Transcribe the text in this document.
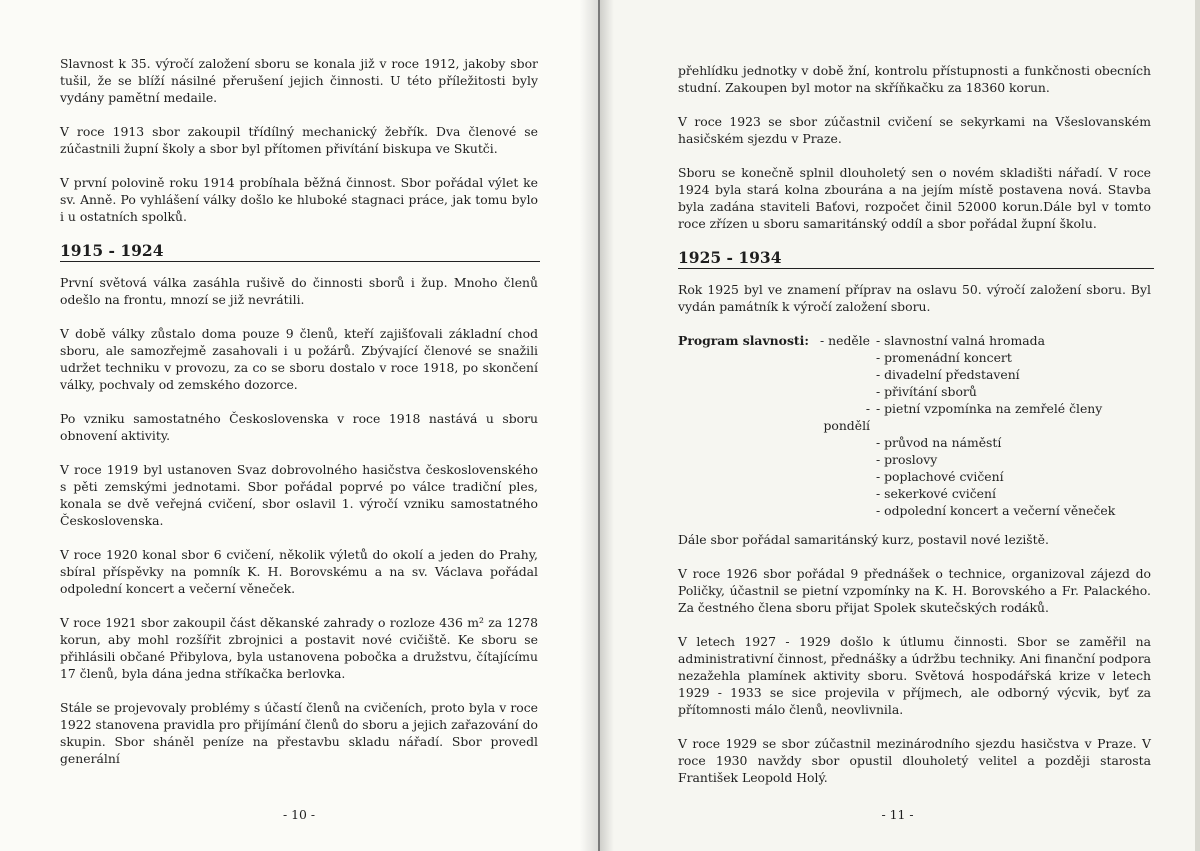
Slavnost k 35. výročí založení sboru se konala již v roce 1912, jakoby sbor tušil, že se blíží násilné přerušení jejich činnosti. U této příležitosti byly vydány pamětní medaile.

V roce 1913 sbor zakoupil třídílný mechanický žebřík. Dva členové se zúčastnili župní školy a sbor byl přítomen přivítání biskupa ve Skutči.

V první polovině roku 1914 probíhala běžná činnost. Sbor pořádal výlet ke sv. Anně. Po vyhlášení války došlo ke hluboké stagnaci práce, jak tomu bylo i u ostatních spolků.

1915 - 1924

První světová válka zasáhla rušivě do činnosti sborů i žup. Mnoho členů odešlo na frontu, mnozí se již nevrátili.

V době války zůstalo doma pouze 9 členů, kteří zajišťovali základní chod sboru, ale samozřejmě zasahovali i u požárů. Zbývající členové se snažili udržet techniku v provozu, za co se sboru dostalo v roce 1918, po skončení války, pochvaly od zemského dozorce.

Po vzniku samostatného Československa v roce 1918 nastává u sboru obnovení aktivity.

V roce 1919 byl ustanoven Svaz dobrovolného hasičstva československého s pěti zemskými jednotami. Sbor pořádal poprvé po válce tradiční ples, konala se dvě veřejná cvičení, sbor oslavil 1. výročí vzniku samostatného Československa.

V roce 1920 konal sbor 6 cvičení, několik výletů do okolí a jeden do Prahy, sbíral příspěvky na pomník K. H. Borovskému a na sv. Václava pořádal odpolední koncert a večerní věneček.

V roce 1921 sbor zakoupil část děkanské zahrady o rozloze 436 m² za 1278 korun, aby mohl rozšířit zbrojnici a postavit nové cvičiště. Ke sboru se přihlásili občané Přibylova, byla ustanovena pobočka a družstvu, čítajícímu 17 členů, byla dána jedna stříkačka berlovka.

Stále se projevovaly problémy s účastí členů na cvičeních, proto byla v roce 1922 stanovena pravidla pro přijímání členů do sboru a jejich zařazování do skupin. Sbor sháněl peníze na přestavbu skladu nářadí. Sbor provedl generální

- 10 -

přehlídku jednotky v době žní, kontrolu přístupnosti a funkčnosti obecních studní. Zakoupen byl motor na skříňkačku za 18360 korun.

V roce 1923 se sbor zúčastnil cvičení se sekyrkami na Všeslovanském hasičském sjezdu v Praze.

Sboru se konečně splnil dlouholetý sen o novém skladišti nářadí. V roce 1924 byla stará kolna zbourána a na jejím místě postavena nová. Stavba byla zadána staviteli Baťovi, rozpočet činil 52000 korun.Dále byl v tomto roce zřízen u sboru samaritánský oddíl a sbor pořádal župní školu.

1925 - 1934

Rok 1925 byl ve znamení příprav na oslavu 50. výročí založení sboru. Byl vydán památník k výročí založení sboru.

Program slavnosti: - neděle - slavnostní valná hromada
- promenádní koncert
- divadelní představení
- přivítání sborů
- pondělí
- pietní vzpomínka na zemřelé členy
- průvod na náměstí
- proslovy
- poplachové cvičení
- sekerkové cvičení
- odpolední koncert a večerní věneček

Dále sbor pořádal samaritánský kurz, postavil nové leziště.

V roce 1926 sbor pořádal 9 přednášek o technice, organizoval zájezd do Poličky, účastnil se pietní vzpomínky na K. H. Borovského a Fr. Palackého. Za čestného člena sboru přijat Spolek skutečských rodáků.

V letech 1927 - 1929 došlo k útlumu činnosti. Sbor se zaměřil na administrativní činnost, přednášky a údržbu techniky. Ani finanční podpora nezažehla plamínek aktivity sboru. Světová hospodářská krize v letech 1929 - 1933 se sice projevila v příjmech, ale odborný výcvik, byť za přítomnosti málo členů, neovlivnila.

V roce 1929 se sbor zúčastnil mezinárodního sjezdu hasičstva v Praze. V roce 1930 navždy sbor opustil dlouholetý velitel a později starosta František Leopold Holý.

- 11 -
